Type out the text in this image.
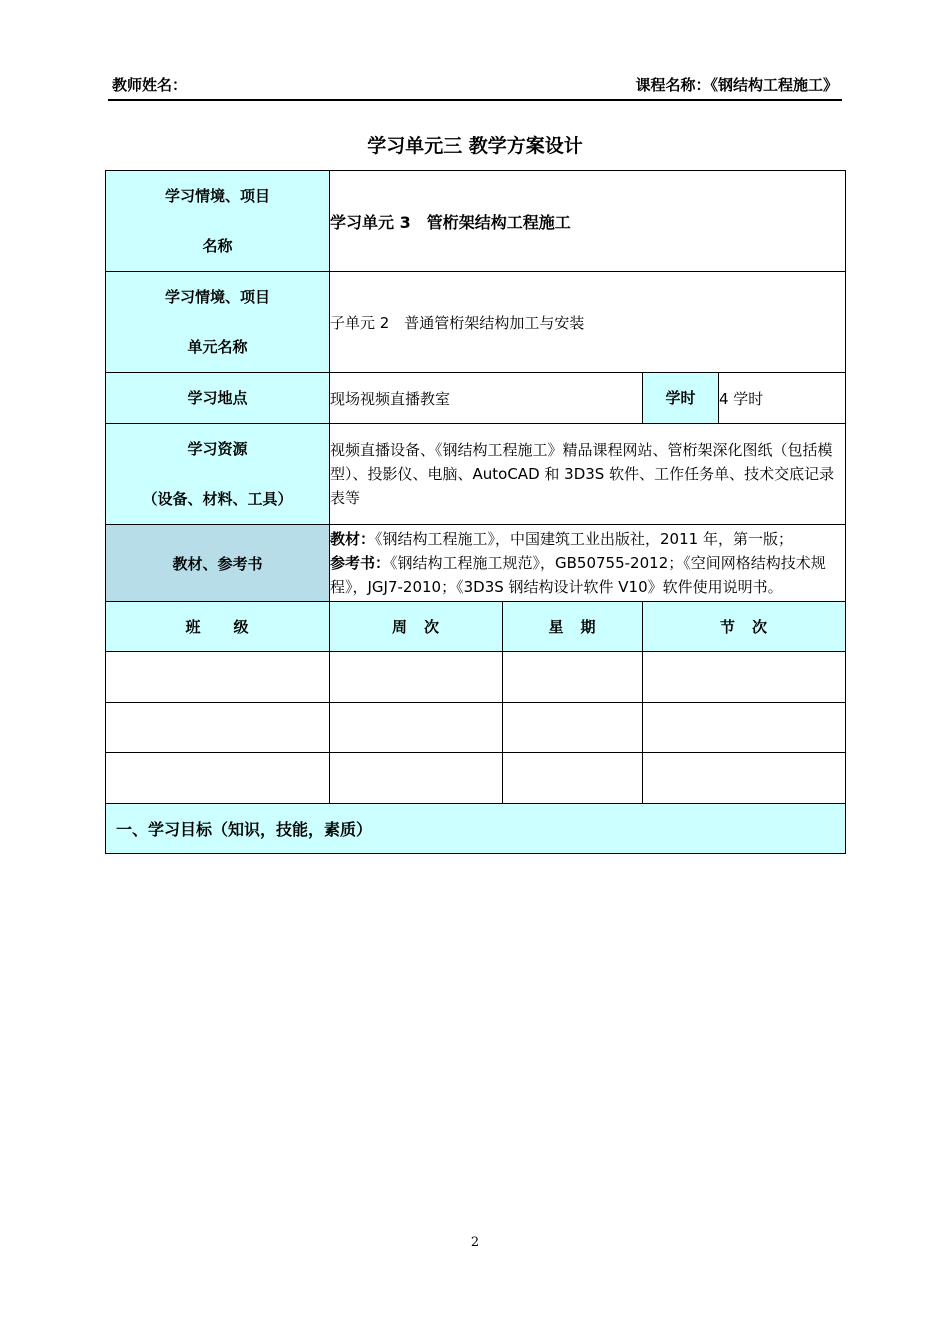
教师姓名：	课程名称：《钢结构工程施工》
学习单元三 教学方案设计
学习情境、项目
名称	学习单元 3　管桁架结构工程施工			

学习情境、项目
单元名称	子单元 2　普通管桁架结构加工与安装			
学习地点	现场视频直播教室		学时	4 学时

学习资源
（设备、材料、工具）	视频直播设备、《钢结构工程施工》精品课程网站、管桁架深化图纸（包括模型）、投影仪、电脑、AutoCAD 和 3D3S 软件、工作任务单、技术交底记录表等			
教材、参考书	教材：《钢结构工程施工》，中国建筑工业出版社，2011 年，第一版；
参考书：《钢结构工程施工规范》，GB50755-2012；《空间网格结构技术规程》，JGJ7-2010；《3D3S 钢结构设计软件 V10》软件使用说明书。			
班　　级	周　次	星　期	节　次	

一、学习目标（知识，技能，素质）				
2
